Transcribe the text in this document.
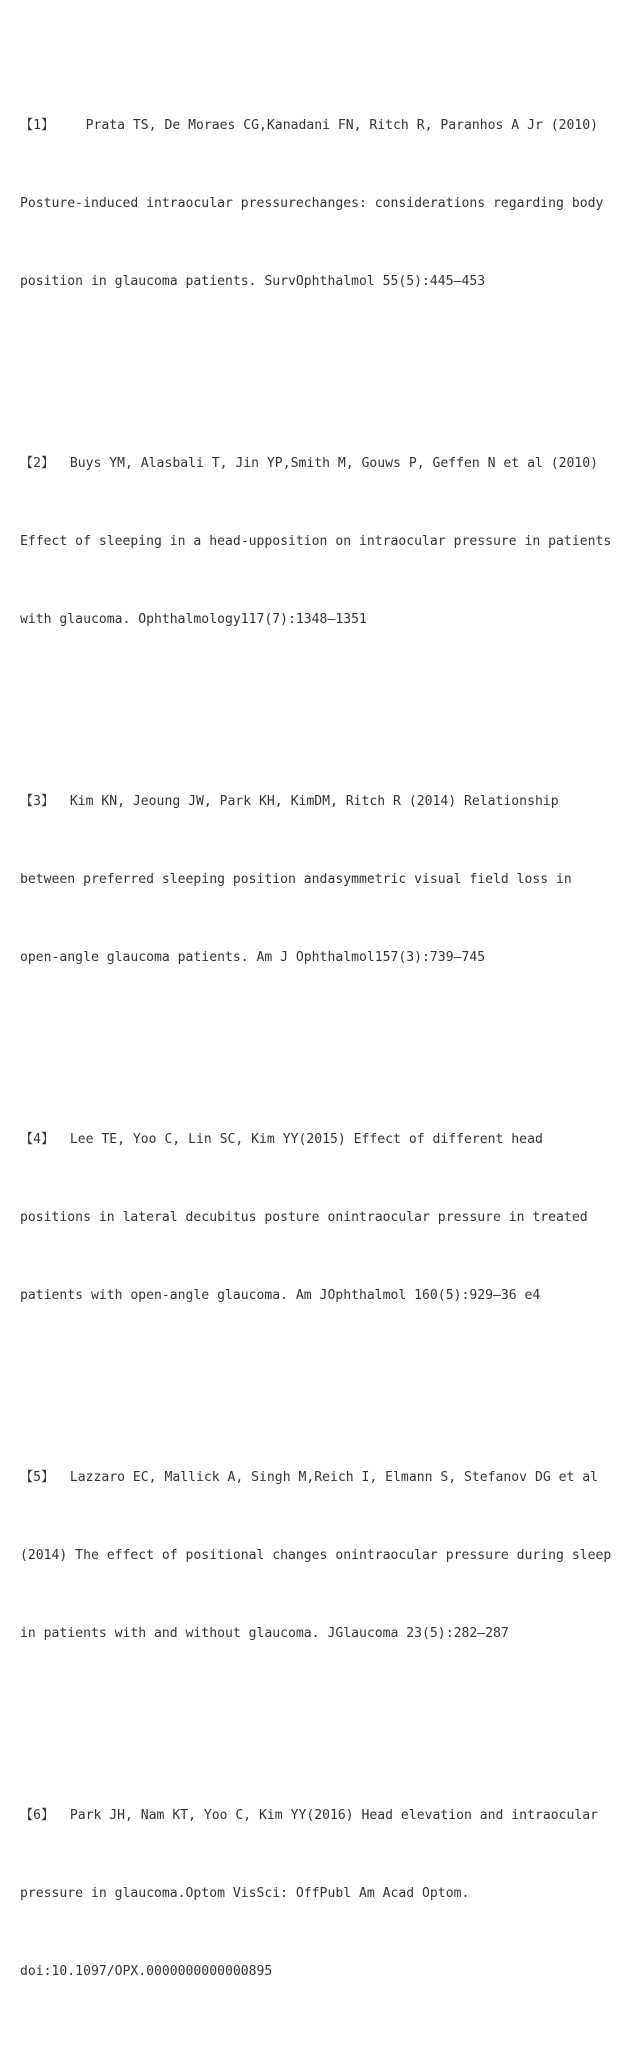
【1】    Prata TS, De Moraes CG,Kanadani FN, Ritch R, Paranhos A Jr (2010)

Posture-induced intraocular pressurechanges: considerations regarding body

position in glaucoma patients. SurvOphthalmol 55(5):445–453

【2】  Buys YM, Alasbali T, Jin YP,Smith M, Gouws P, Geffen N et al (2010)

Effect of sleeping in a head-upposition on intraocular pressure in patients

with glaucoma. Ophthalmology117(7):1348–1351

【3】  Kim KN, Jeoung JW, Park KH, KimDM, Ritch R (2014) Relationship

between preferred sleeping position andasymmetric visual field loss in

open-angle glaucoma patients. Am J Ophthalmol157(3):739–745

【4】  Lee TE, Yoo C, Lin SC, Kim YY(2015) Effect of different head

positions in lateral decubitus posture onintraocular pressure in treated

patients with open-angle glaucoma. Am JOphthalmol 160(5):929–36 e4

【5】  Lazzaro EC, Mallick A, Singh M,Reich I, Elmann S, Stefanov DG et al

(2014) The effect of positional changes onintraocular pressure during sleep

in patients with and without glaucoma. JGlaucoma 23(5):282–287

【6】  Park JH, Nam KT, Yoo C, Kim YY(2016) Head elevation and intraocular

pressure in glaucoma.Optom VisSci: OffPubl Am Acad Optom.

doi:10.1097/OPX.0000000000000895
